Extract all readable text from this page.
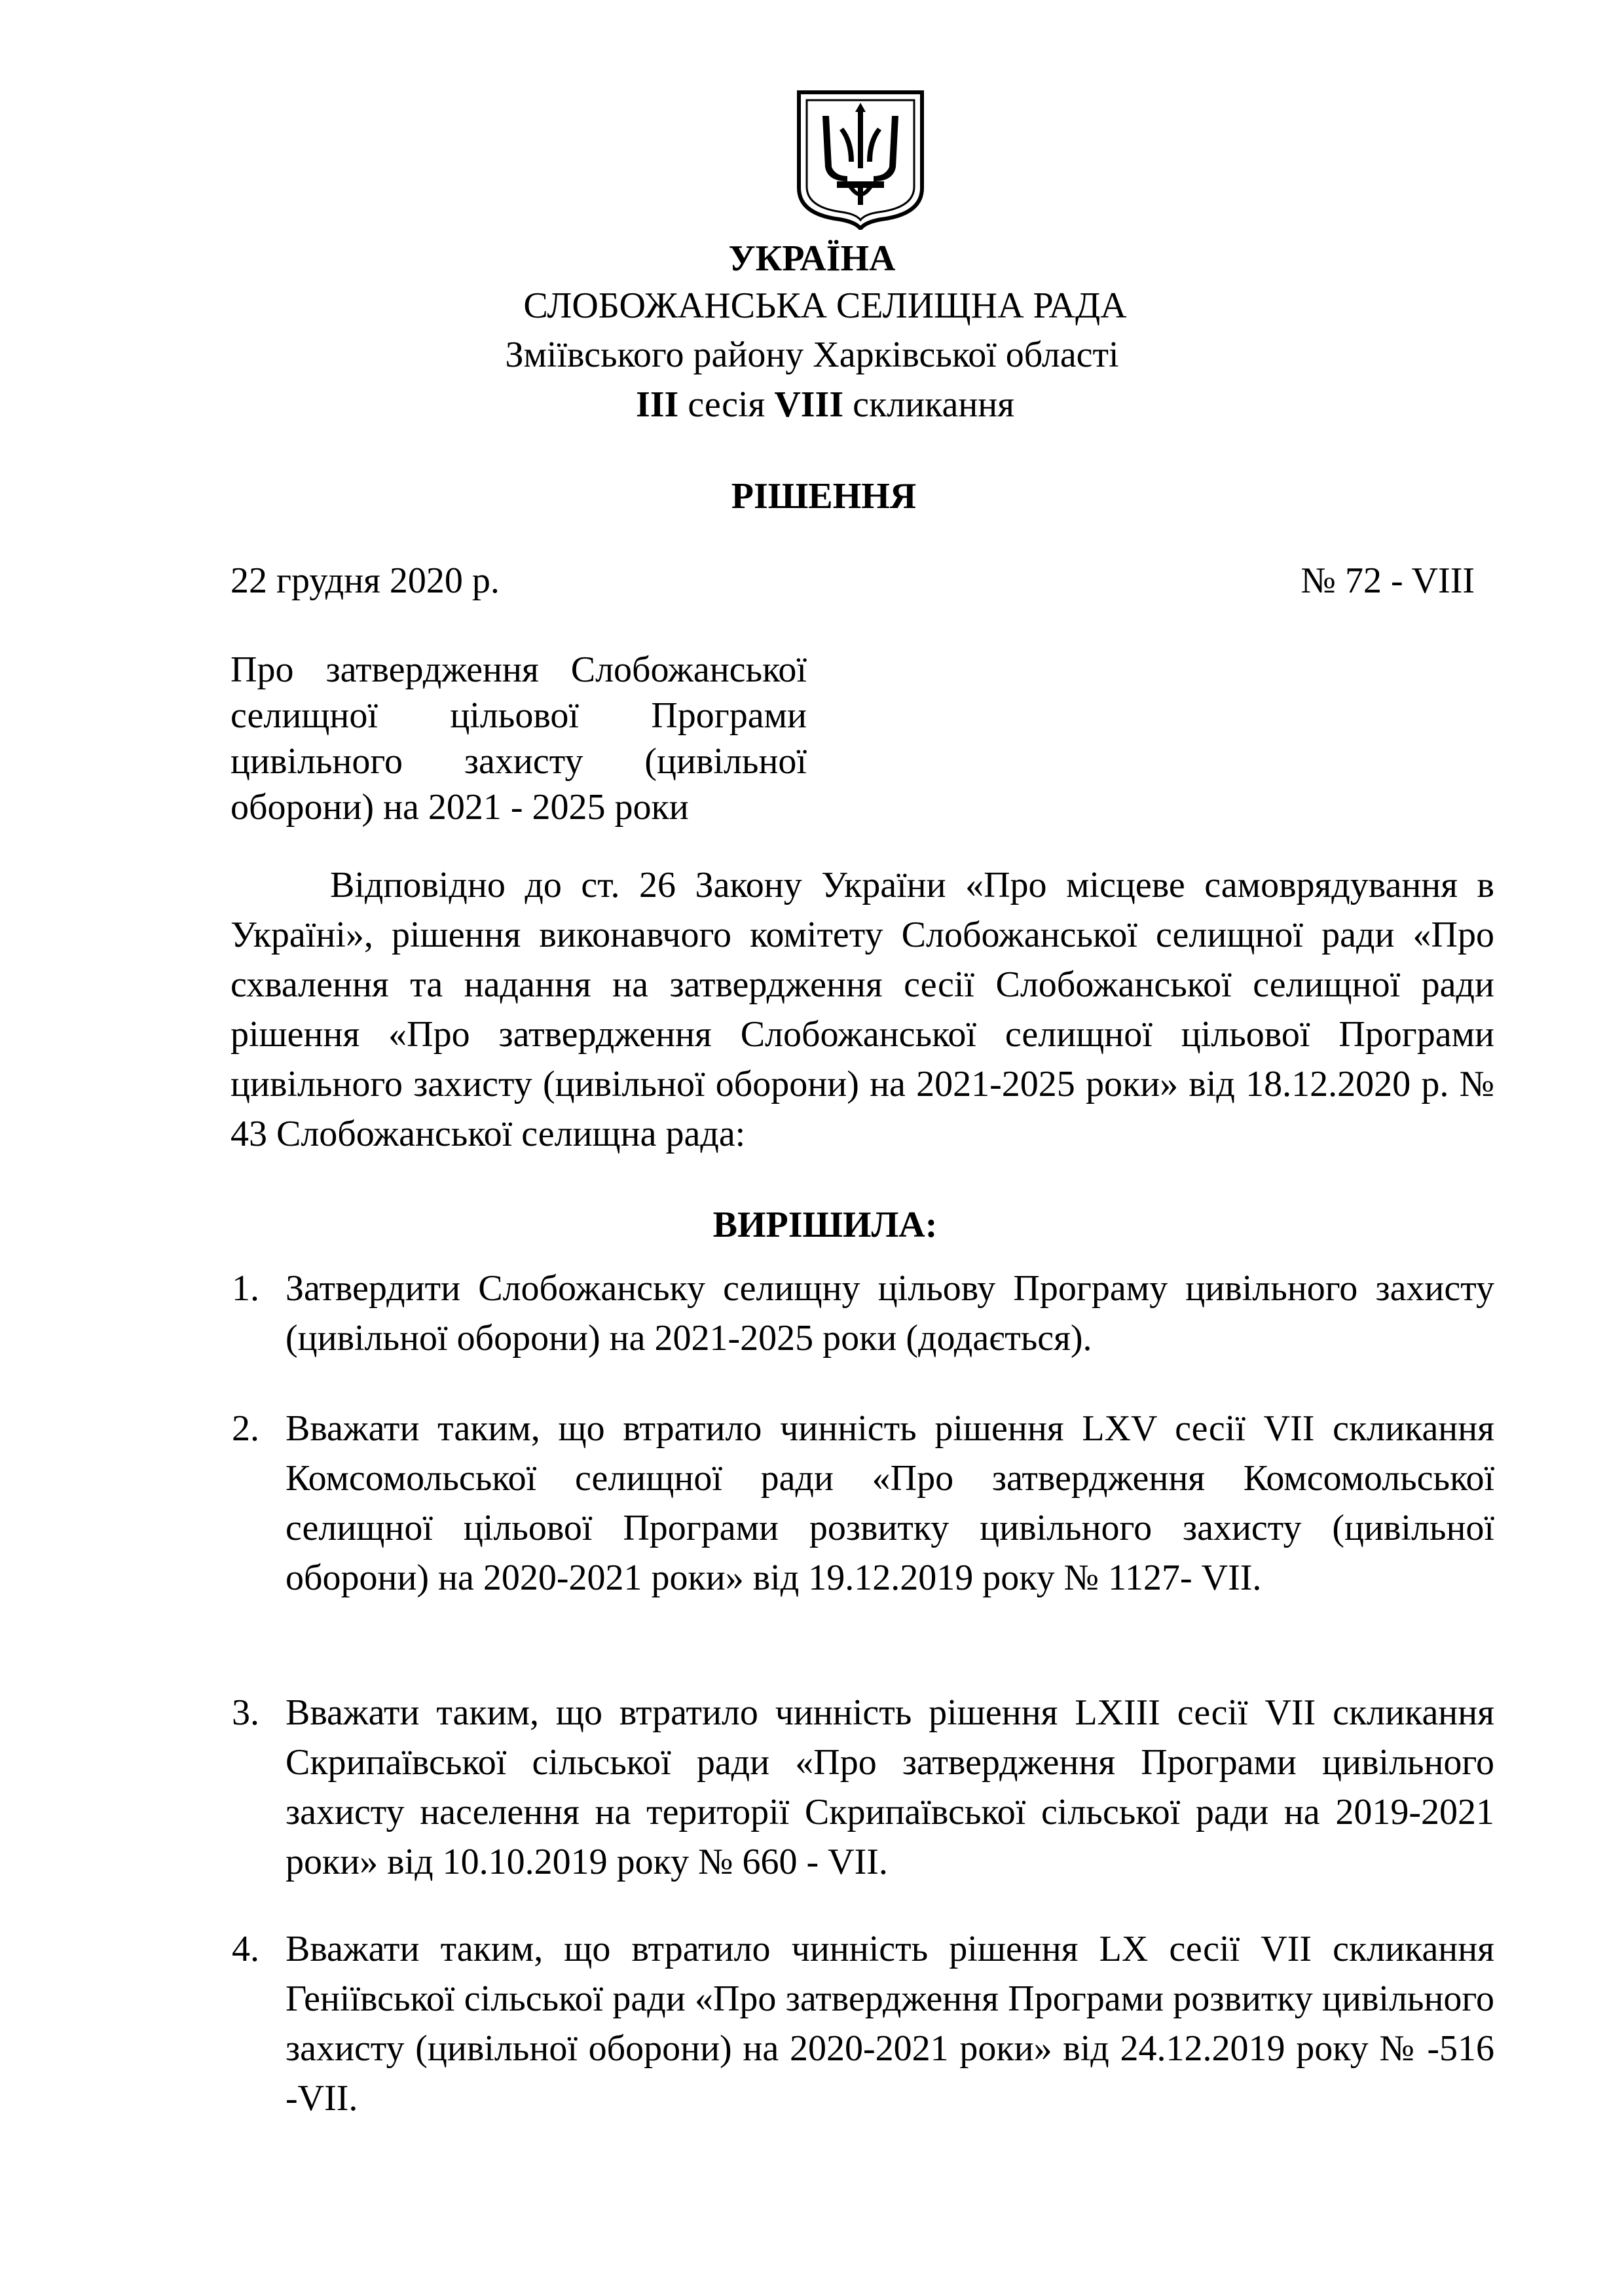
УКРАЇНА
СЛОБОЖАНСЬКА СЕЛИЩНА РАДА
Зміївського району Харківської області
III сесія VIII скликання
РІШЕННЯ
22 грудня 2020 р.	№ 72 - VIII
Про затвердження Слобожанської селищної цільової Програми цивільного захисту (цивільної оборони) на 2021 - 2025 роки
Відповідно до ст. 26 Закону України «Про місцеве самоврядування в Україні», рішення виконавчого комітету Слобожанської селищної ради «Про схвалення та надання на затвердження сесії Слобожанської селищної ради рішення «Про затвердження Слобожанської селищної цільової Програми цивільного захисту (цивільної оборони) на 2021-2025 роки» від 18.12.2020 р. № 43 Слобожанської селищна рада:
ВИРІШИЛА:
1. Затвердити Слобожанську селищну цільову Програму цивільного захисту (цивільної оборони) на 2021-2025 роки (додається).
2. Вважати таким, що втратило чинність рішення LXV сесії VII скликання Комсомольської селищної ради «Про затвердження Комсомольської селищної цільової Програми розвитку цивільного захисту (цивільної оборони) на 2020-2021 роки» від 19.12.2019 року № 1127- VII.
3. Вважати таким, що втратило чинність рішення LXIII сесії VII скликання Скрипаївської сільської ради «Про затвердження Програми цивільного захисту населення на території Скрипаївської сільської ради на 2019-2021 роки» від 10.10.2019 року № 660 - VII.
4. Вважати таким, що втратило чинність рішення LX сесії VII скликання Геніївської сільської ради «Про затвердження Програми розвитку цивільного захисту (цивільної оборони) на 2020-2021 роки» від 24.12.2019 року № -516 -VII.
